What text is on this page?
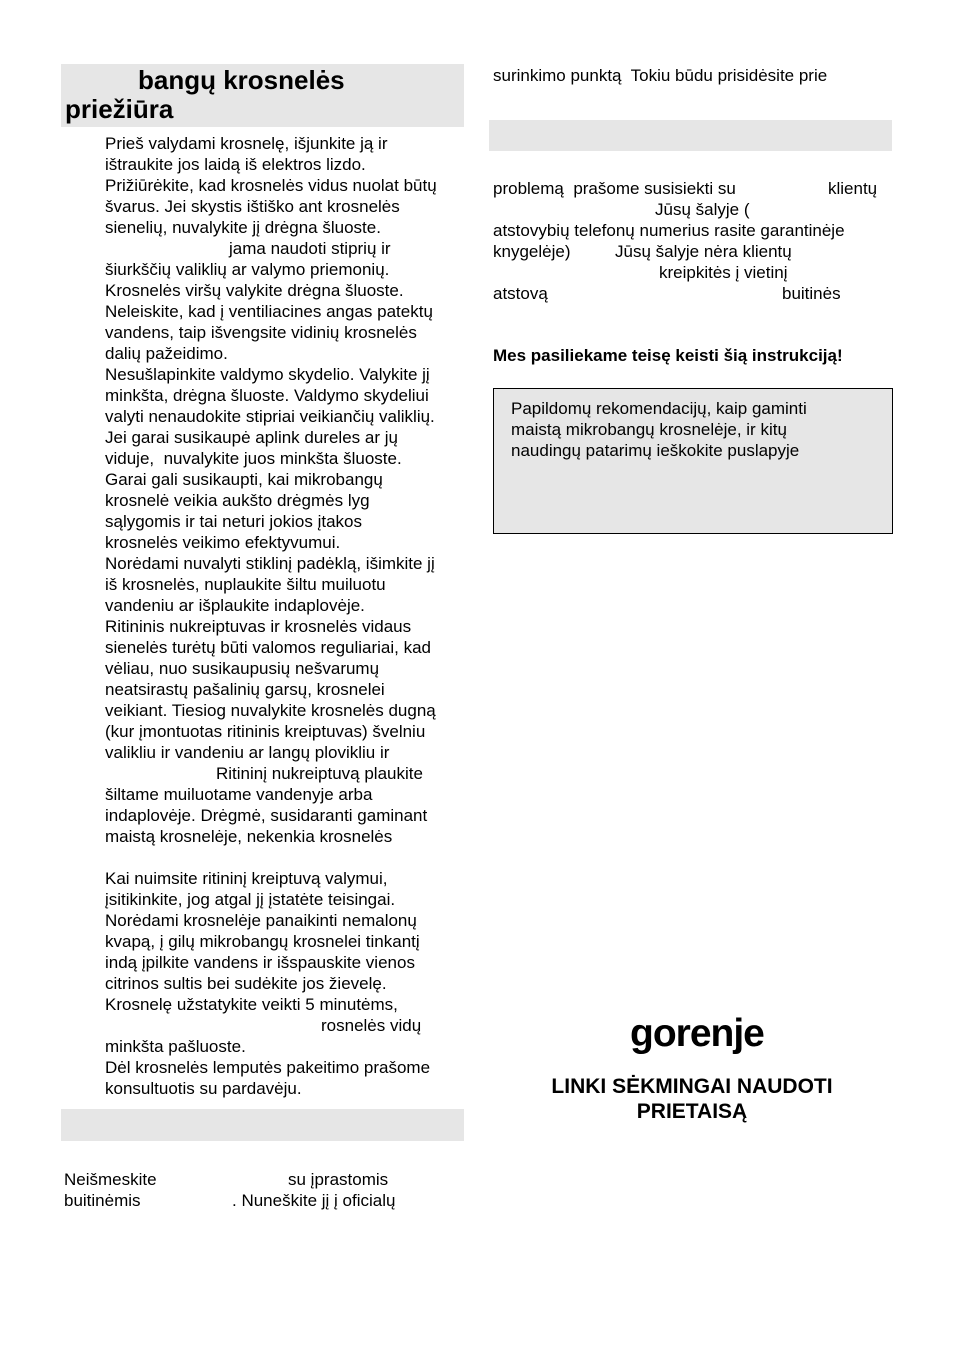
bangų krosnelės
priežiūra
Prieš valydami krosnelę, išjunkite ją ir
ištraukite jos laidą iš elektros lizdo.
Prižiūrėkite, kad krosnelės vidus nuolat būtų
švarus. Jei skystis ištiško ant krosnelės
sienelių, nuvalykite jį drėgna šluoste.
jama naudoti stiprių ir
šiurkščių valiklių ar valymo priemonių.
Krosnelės viršų valykite drėgna šluoste.
Neleiskite, kad į ventiliacines angas patektų
vandens, taip išvengsite vidinių krosnelės
dalių pažeidimo.
Nesušlapinkite valdymo skydelio. Valykite jį
minkšta, drėgna šluoste. Valdymo skydeliui
valyti nenaudokite stipriai veikiančių valiklių.
Jei garai susikaupė aplink dureles ar jų
viduje,  nuvalykite juos minkšta šluoste.
Garai gali susikaupti, kai mikrobangų
krosnelė veikia aukšto drėgmės lyg
sąlygomis ir tai neturi jokios įtakos
krosnelės veikimo efektyvumui.
Norėdami nuvalyti stiklinį padėklą, išimkite jį
iš krosnelės, nuplaukite šiltu muiluotu
vandeniu ar išplaukite indaplovėje.
Ritininis nukreiptuvas ir krosnelės vidaus
sienelės turėtų būti valomos reguliariai, kad
vėliau, nuo susikaupusių nešvarumų
neatsirastų pašalinių garsų, krosnelei
veikiant. Tiesiog nuvalykite krosnelės dugną
(kur įmontuotas ritininis kreiptuvas) švelniu
valikliu ir vandeniu ar langų plovikliu ir
Ritininį nukreiptuvą plaukite
šiltame muiluotame vandenyje arba
indaplovėje. Drėgmė, susidaranti gaminant
maistą krosnelėje, nekenkia krosnelės
Kai nuimsite ritininį kreiptuvą valymui,
įsitikinkite, jog atgal jį įstatėte teisingai.
Norėdami krosnelėje panaikinti nemalonų
kvapą, į gilų mikrobangų krosnelei tinkantį
indą įpilkite vandens ir išspauskite vienos
citrinos sultis bei sudėkite jos žievelę.
Krosnelę užstatykite veikti 5 minutėms,
rosnelės vidų
minkšta pašluoste.
Dėl krosnelės lemputės pakeitimo prašome
konsultuotis su pardavėju.
Neišmeskite	su įprastomis
buitinėmis	. Nuneškite jį į oficialų
surinkimo punktą  Tokiu būdu prisidėsite prie
problemą  prašome susisiekti su	klientų
Jūsų šalyje (
atstovybių telefonų numerius rasite garantinėje
knygelėje)	Jūsų šalyje nėra klientų
kreipkitės į vietinį
atstovą	buitinės
Mes pasiliekame teisę keisti šią instrukciją!
Papildomų rekomendacijų, kaip gaminti
maistą mikrobangų krosnelėje, ir kitų
naudingų patarimų ieškokite puslapyje
gorenje
LINKI SĖKMINGAI NAUDOTI
PRIETAISĄ
